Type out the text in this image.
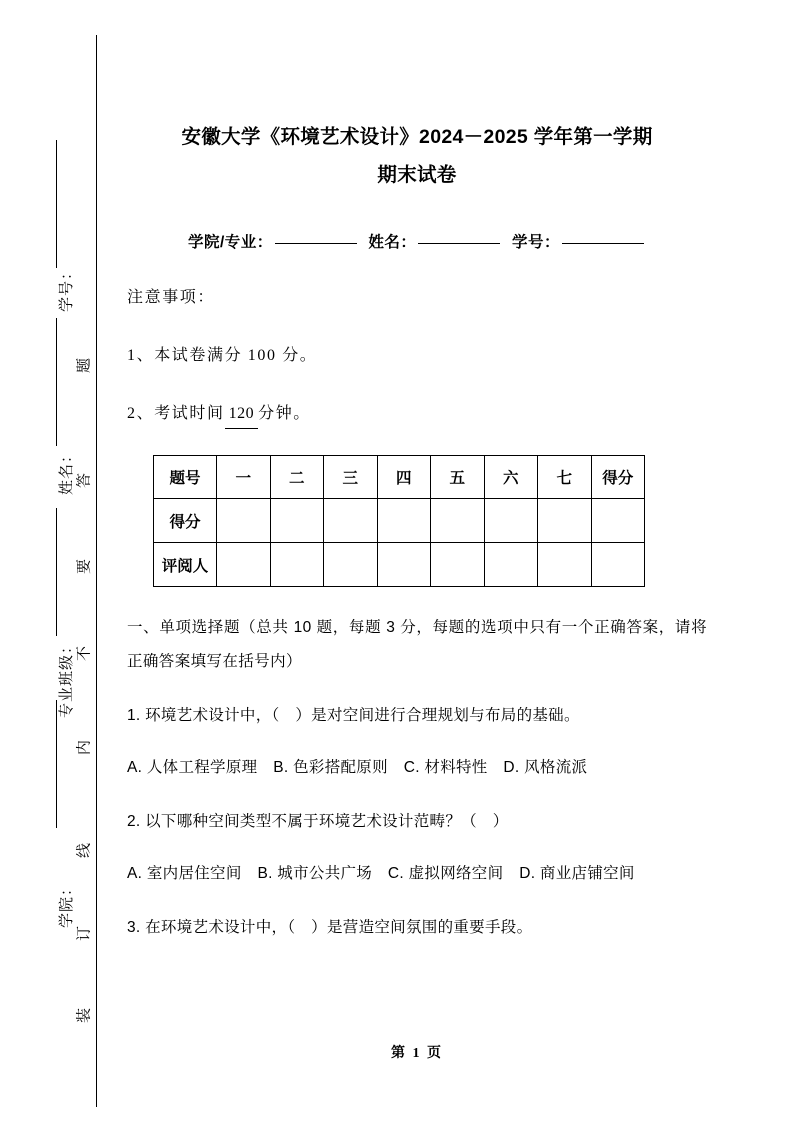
学号：
姓名：
专业班级：
学院：
题
答
要
不
内
线
订
装
安徽大学《环境艺术设计》2024－2025 学年第一学期
期末试卷
学院/专业：	姓名：	学号：

注意事项：

1、本试卷满分 100 分。

2、考试时间 120 分钟。

题号	一	二	三	四	五	六	七	得分
得分								
评阅人								

一、单项选择题（总共 10 题，每题 3 分，每题的选项中只有一个正确答案，请将正确答案填写在括号内）

1. 环境艺术设计中，（　）是对空间进行合理规划与布局的基础。

A. 人体工程学原理　B. 色彩搭配原则　C. 材料特性　D. 风格流派

2. 以下哪种空间类型不属于环境艺术设计范畴？（　）

A. 室内居住空间　B. 城市公共广场　C. 虚拟网络空间　D. 商业店铺空间

3. 在环境艺术设计中，（　）是营造空间氛围的重要手段。

第 1 页
